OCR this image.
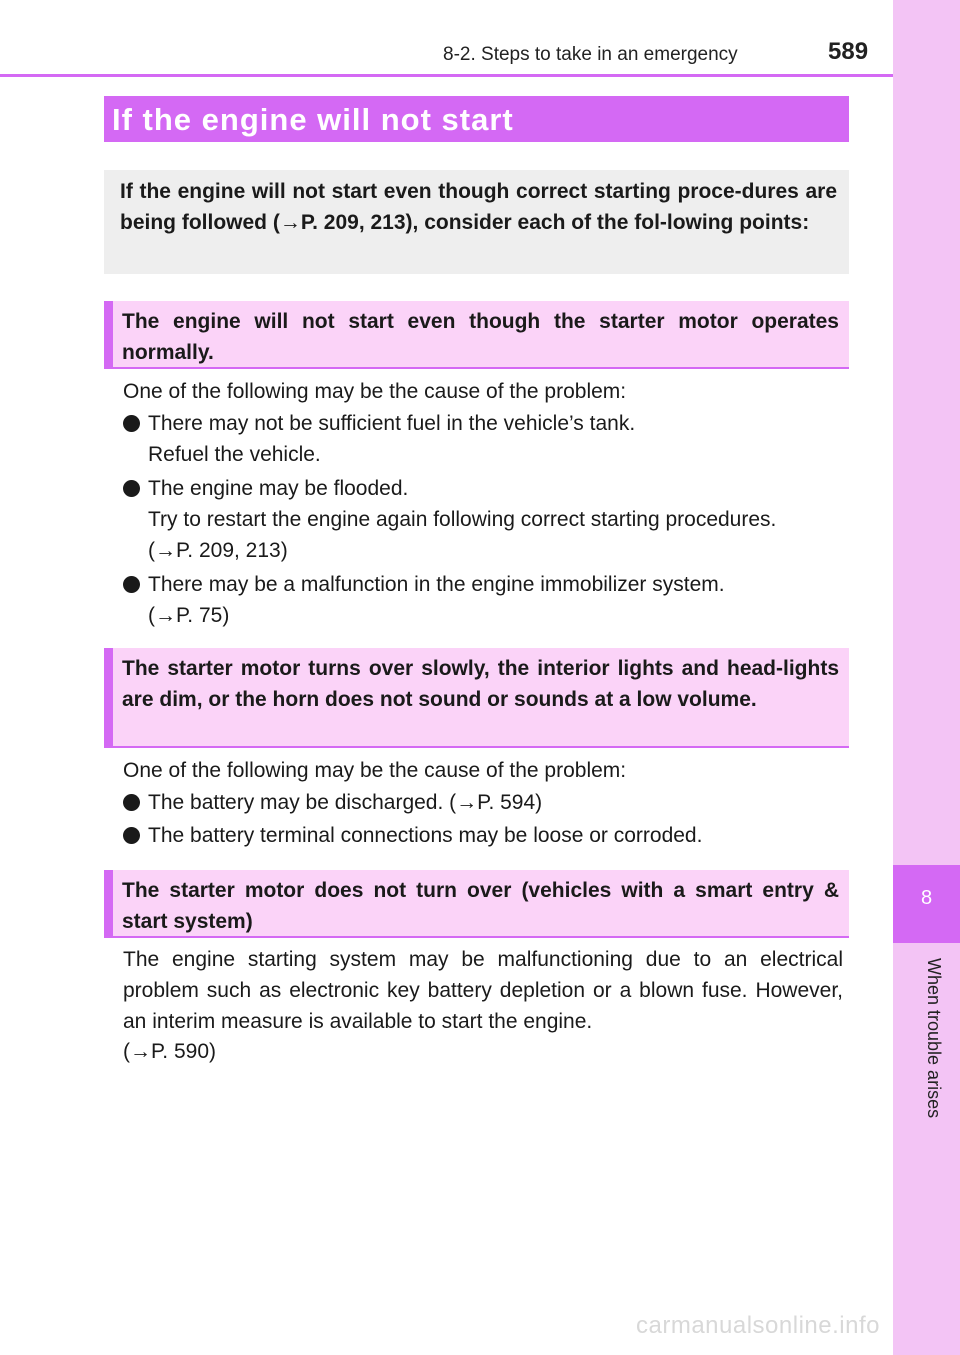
8
When trouble arises
8-2. Steps to take in an emergency	589
If the engine will not start
If the engine will not start even though correct starting proce-dures are being followed (→P. 209, 213), consider each of the fol-lowing points:
The engine will not start even though the starter motor operates normally.
One of the following may be the cause of the problem:
There may not be sufficient fuel in the vehicle’s tank.
Refuel the vehicle.
The engine may be flooded.
Try to restart the engine again following correct starting procedures.
(→P. 209, 213)
There may be a malfunction in the engine immobilizer system.
(→P. 75)
The starter motor turns over slowly, the interior lights and head-lights are dim, or the horn does not sound or sounds at a low volume.
One of the following may be the cause of the problem:
The battery may be discharged. (→P. 594)
The battery terminal connections may be loose or corroded.
The starter motor does not turn over (vehicles with a smart entry & start system)
The engine starting system may be malfunctioning due to an electrical problem such as electronic key battery depletion or a blown fuse. However, an interim measure is available to start the engine.
(→P. 590)
carmanualsonline.info
